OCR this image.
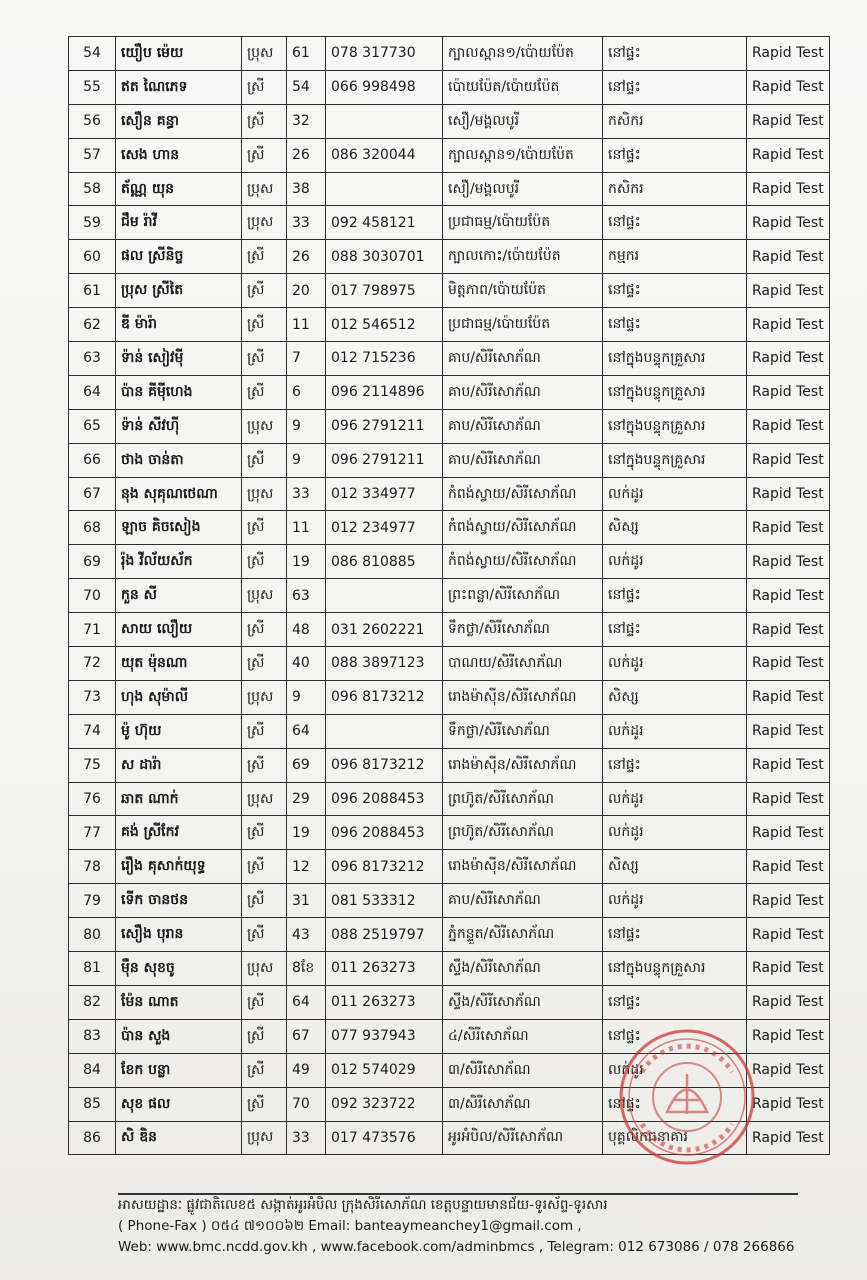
54	យឿប ម៉េយ	ប្រុស	61	078 317730	ក្បាលស្ពាន១/ប៉ោយប៉ែត	នៅផ្ទះ	Rapid Test
55	ឥត ណៃភេទ	ស្រី	54	066 998498	ប៉ោយប៉ែត/ប៉ោយប៉ែត	នៅផ្ទះ	Rapid Test
56	សឿន គន្ធា	ស្រី	32		សឿ/មង្គលបូរី	កសិករ	Rapid Test
57	សេង ហាន	ស្រី	26	086 320044	ក្បាលស្ពាន១/ប៉ោយប៉ែត	នៅផ្ទះ	Rapid Test
58	ត័ណ្ណ យុន	ប្រុស	38		សឿ/មង្គលបូរី	កសិករ	Rapid Test
59	ជឹម រ៉ាវី	ប្រុស	33	092 458121	ប្រជាធម្ម/ប៉ោយប៉ែត	នៅផ្ទះ	Rapid Test
60	ផល ស្រីនិច្ច	ស្រី	26	088 3030701	ក្បាលកោះ/ប៉ោយប៉ែត	កម្មករ	Rapid Test
61	ប្រុស ស្រីតៃ	ស្រី	20	017 798975	មិត្តភាព/ប៉ោយប៉ែត	នៅផ្ទះ	Rapid Test
62	ឌី ម៉ារ៉ា	ស្រី	11	012 546512	ប្រជាធម្ម/ប៉ោយប៉ែត	នៅផ្ទះ	Rapid Test
63	ទ៉ាន់ សៀវម៉ី	ស្រី	7	012 715236	គាប/សិរីសោភ័ណ	នៅក្នុងបន្ទុកគ្រួសារ	Rapid Test
64	ប៉ាន គីម៉ីហេង	ស្រី	6	096 2114896	គាប/សិរីសោភ័ណ	នៅក្នុងបន្ទុកគ្រួសារ	Rapid Test
65	ទ៉ាន់ សីវហ៊ី	ប្រុស	9	096 2791211	គាប/សិរីសោភ័ណ	នៅក្នុងបន្ទុកគ្រួសារ	Rapid Test
66	ថាង ចាន់តា	ស្រី	9	096 2791211	គាប/សិរីសោភ័ណ	នៅក្នុងបន្ទុកគ្រួសារ	Rapid Test
67	នុង សុគុណថេណា	ប្រុស	33	012 334977	កំពង់ស្វាយ/សិរីសោភ័ណ	លក់ដូរ	Rapid Test
68	ឡាច គិចសៀង	ស្រី	11	012 234977	កំពង់ស្វាយ/សិរីសោភ័ណ	សិស្ស	Rapid Test
69	រ៉ុង វីល័យស័ក	ស្រី	19	086 810885	កំពង់ស្វាយ/សិរីសោភ័ណ	លក់ដូរ	Rapid Test
70	កួន សី	ប្រុស	63		ព្រះពន្លា/សិរីសោភ័ណ	នៅផ្ទះ	Rapid Test
71	សាយ លឿយ	ស្រី	48	031 2602221	ទឹកថ្លា/សិរីសោភ័ណ	នៅផ្ទះ	Rapid Test
72	យុត ម៉ុនណា	ស្រី	40	088 3897123	បាណយ/សិរីសោភ័ណ	លក់ដូរ	Rapid Test
73	ហុង សុម៉ាលី	ប្រុស	9	096 8173212	រោងម៉ាស៊ីន/សិរីសោភ័ណ	សិស្ស	Rapid Test
74	ម៉ូ ហ៊ុយ	ស្រី	64		ទឹកថ្លា/សិរីសោភ័ណ	លក់ដូរ	Rapid Test
75	ស ដារ៉ា	ស្រី	69	096 8173212	រោងម៉ាស៊ីន/សិរីសោភ័ណ	នៅផ្ទះ	Rapid Test
76	ឆាត ណាក់	ប្រុស	29	096 2088453	ព្រហ៊ូត/សិរីសោភ័ណ	លក់ដូរ	Rapid Test
77	គង់ ស្រីកែវ	ស្រី	19	096 2088453	ព្រហ៊ូត/សិរីសោភ័ណ	លក់ដូរ	Rapid Test
78	រឿង គុសាក់យុទ្ធ	ស្រី	12	096 8173212	រោងម៉ាស៊ីន/សិរីសោភ័ណ	សិស្ស	Rapid Test
79	ទើក ចានថន	ស្រី	31	081 533312	គាប/សិរីសោភ័ណ	លក់ដូរ	Rapid Test
80	សឿង បុរាន	ស្រី	43	088 2519797	ភ្នំកន្ទួត/សិរីសោភ័ណ	នៅផ្ទះ	Rapid Test
81	ម៉ឺន សុខចូ	ប្រុស	8ខែ	011 263273	ស្ទឹង/សិរីសោភ័ណ	នៅក្នុងបន្ទុកគ្រួសារ	Rapid Test
82	ម៉ែន ណាត	ស្រី	64	011 263273	ស្ទឹង/សិរីសោភ័ណ	នៅផ្ទះ	Rapid Test
83	ប៉ាន សួង	ស្រី	67	077 937943	៤/សិរីសោភ័ណ	នៅផ្ទះ	Rapid Test
84	ខែក បន្លា	ស្រី	49	012 574029	៣/សិរីសោភ័ណ	លក់ដូរ	Rapid Test
85	សុខ ផល	ស្រី	70	092 323722	៣/សិរីសោភ័ណ	នៅផ្ទះ	Rapid Test
86	សិ ឌិន	ប្រុស	33	017 473576	អូរអំបិល/សិរីសោភ័ណ	បុគ្គលិកធនាគារ	Rapid Test
អាសយដ្ឋានៈ ផ្លូវជាតិលេខ៥ សង្កាត់អូរអំបិល ក្រុងសិរីសោភ័ណ ខេត្តបន្ទាយមានជ័យ-ទូរស័ព្ទ-ទូរសារ
( Phone-Fax ) ០៥៤ ៧១០០៦២ Email: banteaymeanchey1@gmail.com ,
Web: www.bmc.ncdd.gov.kh , www.facebook.com/adminbmcs , Telegram: 012 673086 / 078 266866
